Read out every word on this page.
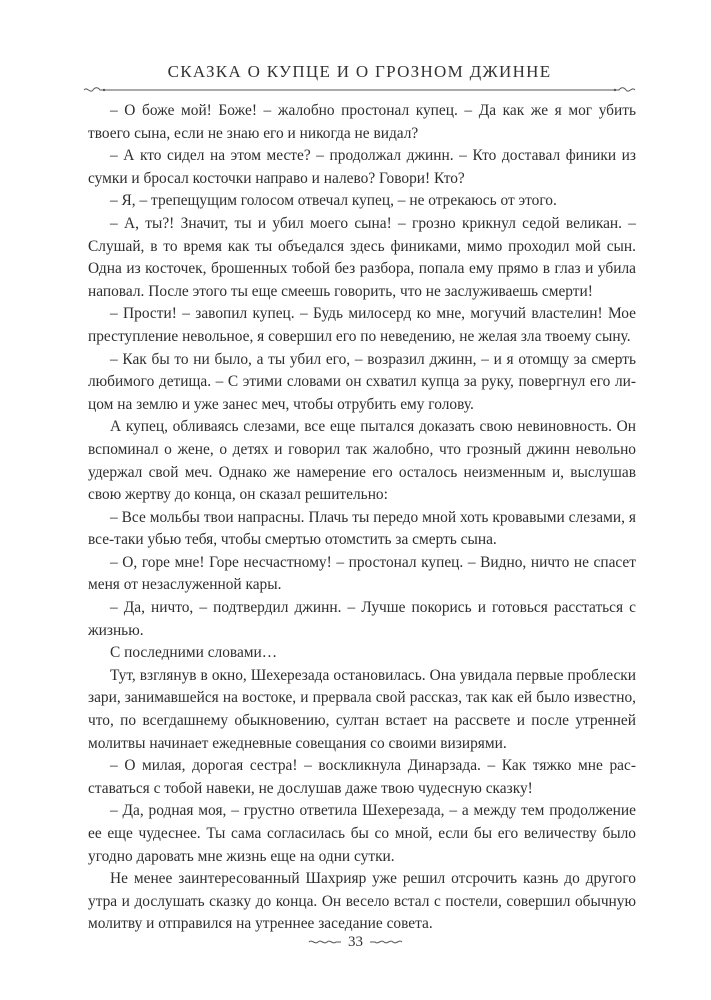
СКАЗКА О КУПЦЕ И О ГРОЗНОМ ДЖИННЕ

– О боже мой! Боже! – жалобно простонал купец. – Да как же я мог убить твоего сына, если не знаю его и никогда не видал?

– А кто сидел на этом месте? – продолжал джинн. – Кто доставал финики из сумки и бросал косточки направо и налево? Говори! Кто?

– Я, – трепещущим голосом отвечал купец, – не отрекаюсь от этого.

– А, ты?! Значит, ты и убил моего сына! – грозно крикнул седой великан. – Слушай, в то время как ты объедался здесь финиками, мимо проходил мой сын. Одна из косточек, брошенных тобой без разбора, попала ему прямо в глаз и убила наповал. После этого ты еще смеешь говорить, что не заслуживаешь смерти!

– Прости! – завопил купец. – Будь милосерд ко мне, могучий властелин! Мое преступление невольное, я совершил его по неведению, не желая зла твоему сыну.

– Как бы то ни было, а ты убил его, – возразил джинн, – и я отомщу за смерть любимого детища. – С этими словами он схватил купца за руку, повергнул его лицом на землю и уже занес меч, чтобы отрубить ему голову.

А купец, обливаясь слезами, все еще пытался доказать свою невиновность. Он вспоминал о жене, о детях и говорил так жалобно, что грозный джинн невольно удержал свой меч. Однако же намерение его осталось неизменным и, выслушав свою жертву до конца, он сказал решительно:

– Все мольбы твои напрасны. Плачь ты передо мной хоть кровавыми слезами, я все-таки убью тебя, чтобы смертью отомстить за смерть сына.

– О, горе мне! Горе несчастному! – простонал купец. – Видно, ничто не спасет меня от незаслуженной кары.

– Да, ничто, – подтвердил джинн. – Лучше покорись и готовься расстаться с жизнью.

С последними словами…

Тут, взглянув в окно, Шехерезада остановилась. Она увидала первые проблески зари, занимавшейся на востоке, и прервала свой рассказ, так как ей было известно, что, по всегдашнему обыкновению, султан встает на рассвете и после утренней молитвы начинает ежедневные совещания со своими визирями.

– О милая, дорогая сестра! – воскликнула Динарзада. – Как тяжко мне расставаться с тобой навеки, не дослушав даже твою чудесную сказку!

– Да, родная моя, – грустно ответила Шехерезада, – а между тем продолжение ее еще чудеснее. Ты сама согласилась бы со мной, если бы его величеству было угодно даровать мне жизнь еще на одни сутки.

Не менее заинтересованный Шахрияр уже решил отсрочить казнь до другого утра и дослушать сказку до конца. Он весело встал с постели, совершил обычную молитву и отправился на утреннее заседание совета.

33
